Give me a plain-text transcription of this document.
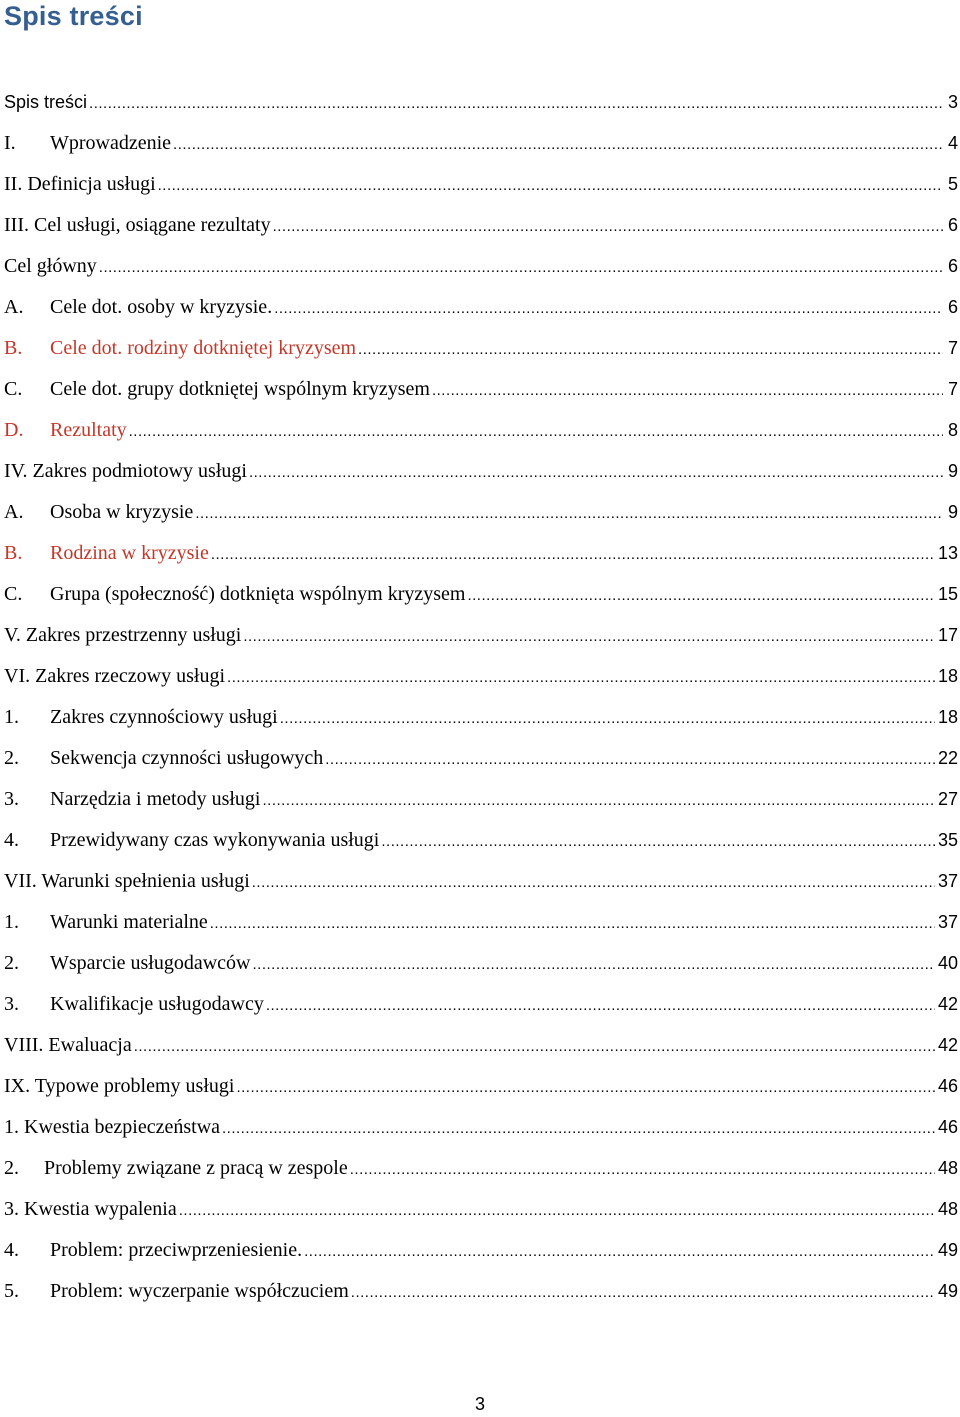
Spis treści
Spis treści .....	3
I.	Wprowadzenie .....	4
II. Definicja usługi .....	5
III. Cel usługi, osiągane rezultaty .....	6
Cel główny .....	6
A.	Cele dot. osoby w kryzysie. .....	6
B.	Cele dot. rodziny dotkniętej kryzysem .....	7
C.	Cele dot. grupy dotkniętej wspólnym kryzysem .....	7
D.	Rezultaty .....	8
IV. Zakres podmiotowy usługi .....	9
A.	Osoba w kryzysie .....	9
B.	Rodzina w kryzysie .....	13
C.	Grupa (społeczność) dotknięta wspólnym kryzysem .....	15
V. Zakres przestrzenny usługi .....	17
VI. Zakres rzeczowy usługi .....	18
1.	Zakres czynnościowy usługi .....	18
2.	Sekwencja czynności usługowych .....	22
3.	Narzędzia i metody usługi .....	27
4.	Przewidywany czas wykonywania usługi .....	35
VII. Warunki spełnienia usługi .....	37
1.	Warunki materialne .....	37
2.	Wsparcie usługodawców .....	40
3.	Kwalifikacje usługodawcy .....	42
VIII. Ewaluacja .....	42
IX. Typowe problemy usługi .....	46
1. Kwestia bezpieczeństwa .....	46
2.	Problemy związane z pracą w zespole .....	48
3. Kwestia wypalenia .....	48
4.	Problem: przeciwprzeniesienie. .....	49
5.	Problem: wyczerpanie współczuciem .....	49
3
